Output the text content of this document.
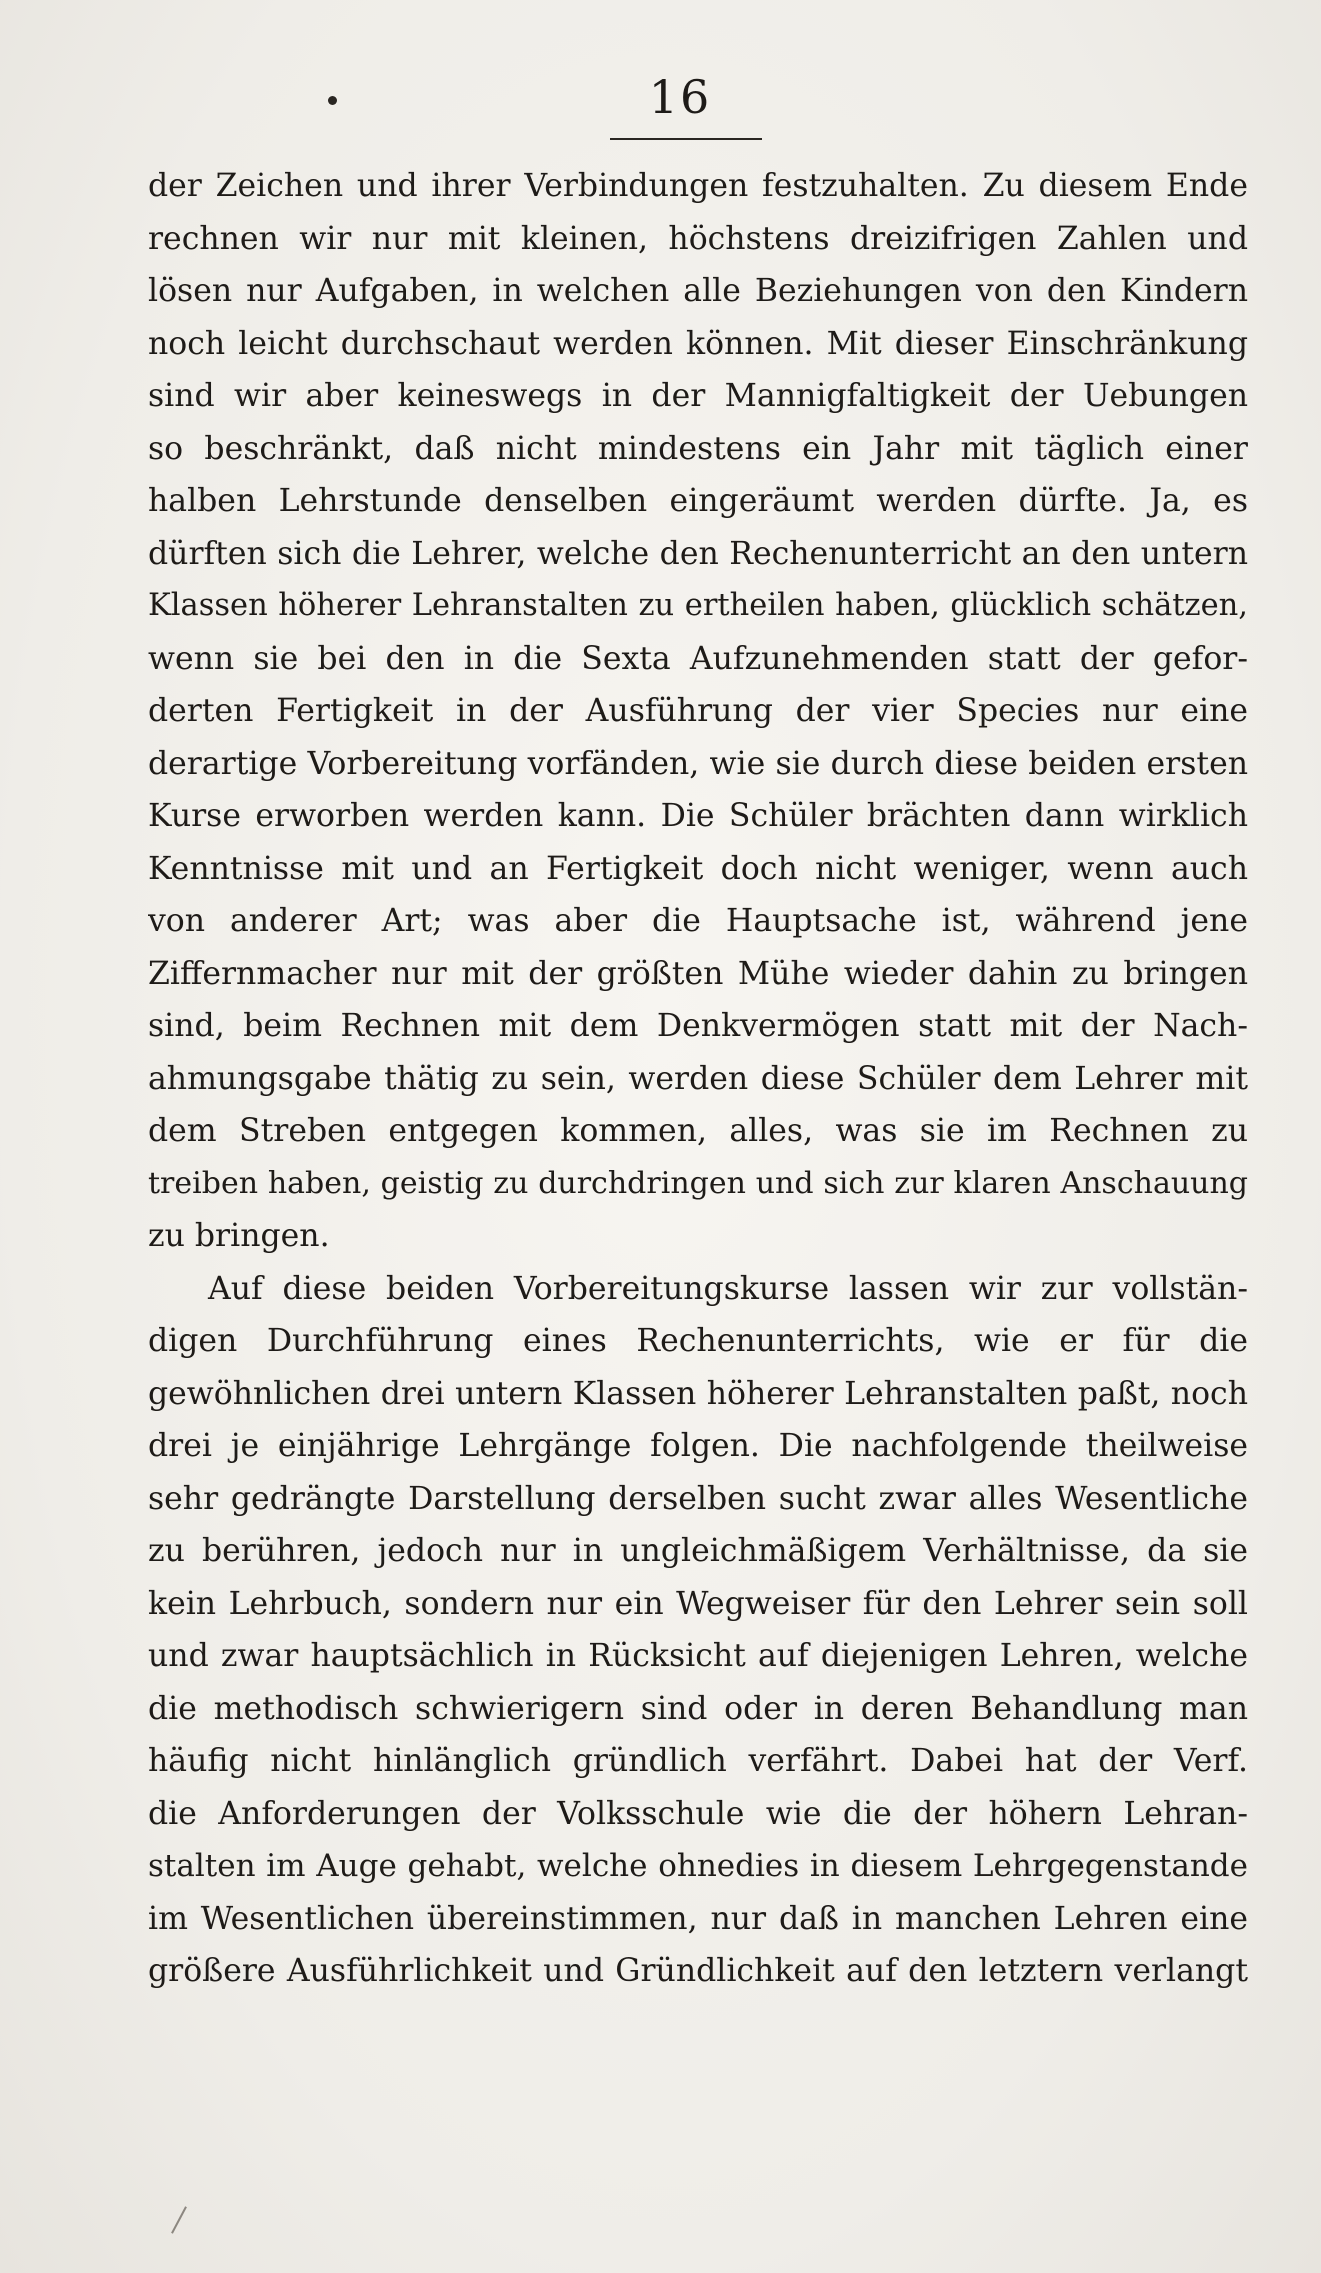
16
der Zeichen und ihrer Verbindungen festzuhalten. Zu diesem Ende
rechnen wir nur mit kleinen, höchstens dreizifrigen Zahlen und
lösen nur Aufgaben, in welchen alle Beziehungen von den Kindern
noch leicht durchschaut werden können. Mit dieser Einschränkung
sind wir aber keineswegs in der Mannigfaltigkeit der Uebungen
so beschränkt, daß nicht mindestens ein Jahr mit täglich einer
halben Lehrstunde denselben eingeräumt werden dürfte. Ja, es
dürften sich die Lehrer, welche den Rechenunterricht an den untern
Klassen höherer Lehranstalten zu ertheilen haben, glücklich schätzen,
wenn sie bei den in die Sexta Aufzunehmenden statt der gefor-
derten Fertigkeit in der Ausführung der vier Species nur eine
derartige Vorbereitung vorfänden, wie sie durch diese beiden ersten
Kurse erworben werden kann. Die Schüler brächten dann wirklich
Kenntnisse mit und an Fertigkeit doch nicht weniger, wenn auch
von anderer Art; was aber die Hauptsache ist, während jene
Ziffernmacher nur mit der größten Mühe wieder dahin zu bringen
sind, beim Rechnen mit dem Denkvermögen statt mit der Nach-
ahmungsgabe thätig zu sein, werden diese Schüler dem Lehrer mit
dem Streben entgegen kommen, alles, was sie im Rechnen zu
treiben haben, geistig zu durchdringen und sich zur klaren Anschauung
zu bringen.
Auf diese beiden Vorbereitungskurse lassen wir zur vollstän-
digen Durchführung eines Rechenunterrichts, wie er für die
gewöhnlichen drei untern Klassen höherer Lehranstalten paßt, noch
drei je einjährige Lehrgänge folgen. Die nachfolgende theilweise
sehr gedrängte Darstellung derselben sucht zwar alles Wesentliche
zu berühren, jedoch nur in ungleichmäßigem Verhältnisse, da sie
kein Lehrbuch, sondern nur ein Wegweiser für den Lehrer sein soll
und zwar hauptsächlich in Rücksicht auf diejenigen Lehren, welche
die methodisch schwierigern sind oder in deren Behandlung man
häufig nicht hinlänglich gründlich verfährt. Dabei hat der Verf.
die Anforderungen der Volksschule wie die der höhern Lehran-
stalten im Auge gehabt, welche ohnedies in diesem Lehrgegenstande
im Wesentlichen übereinstimmen, nur daß in manchen Lehren eine
größere Ausführlichkeit und Gründlichkeit auf den letztern verlangt
